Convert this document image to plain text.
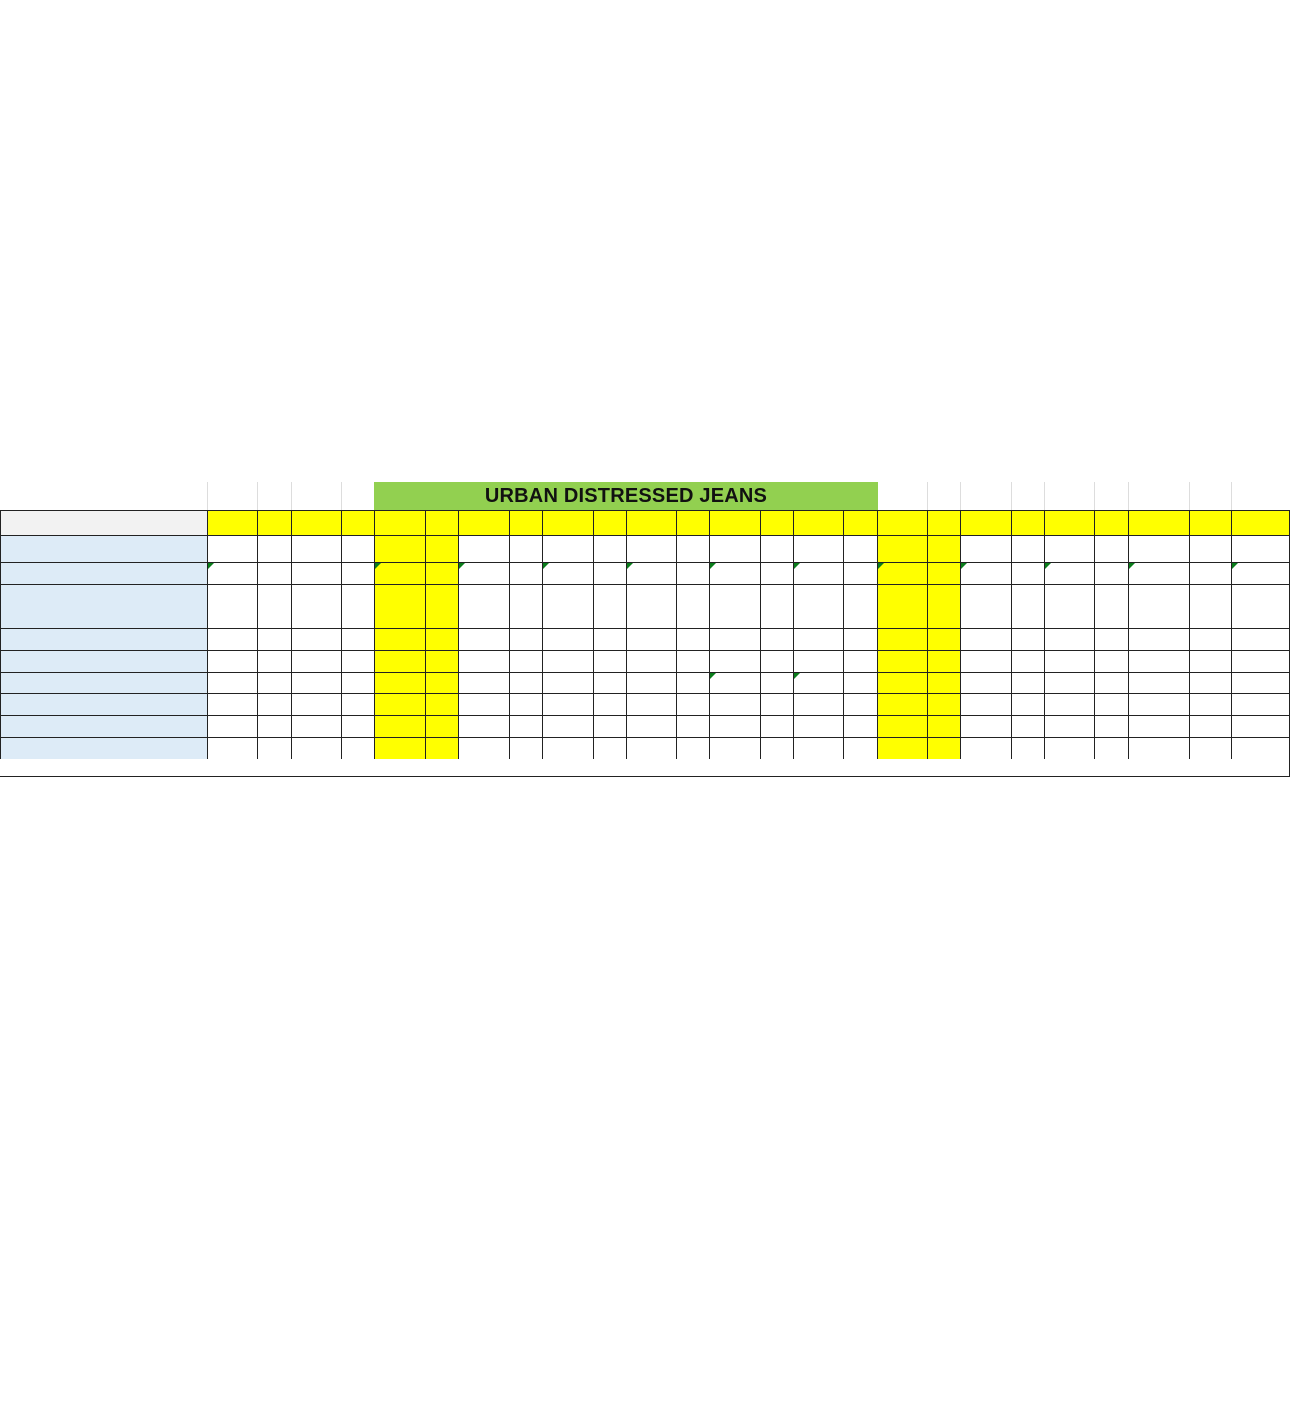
URBAN DISTRESSED JEANS
